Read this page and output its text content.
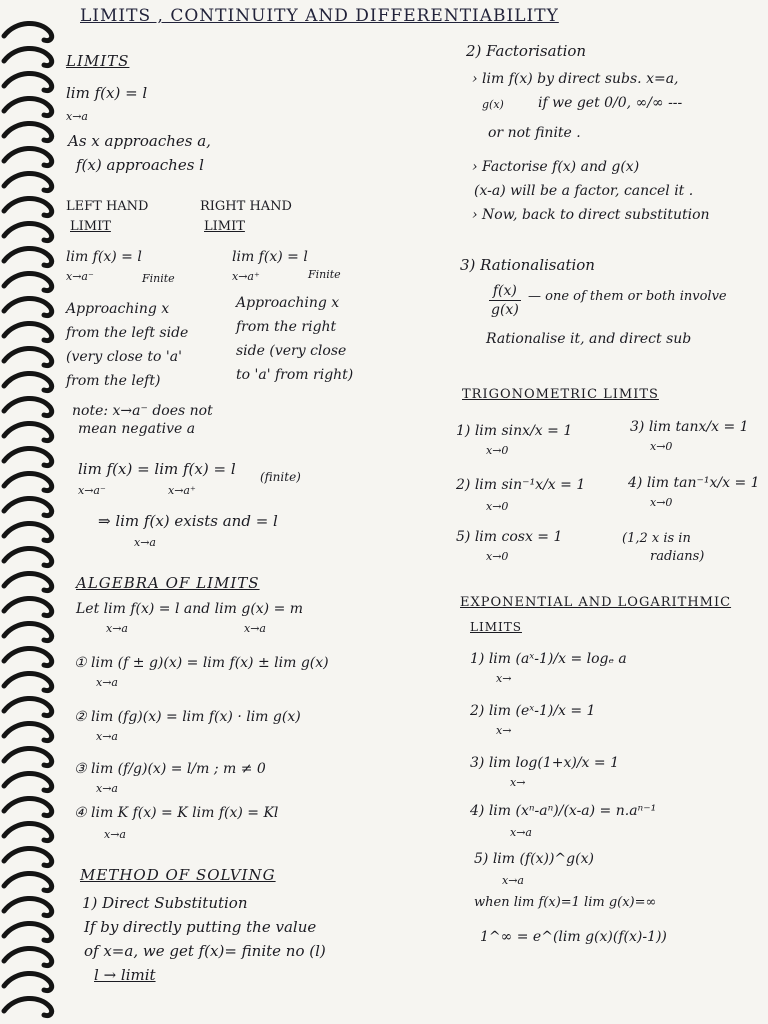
LIMITS , CONTINUITY AND DIFFERENTIABILITY
LIMITS
lim f(x) = l
x→a
As x approaches a,
f(x) approaches l
LEFT HAND
LIMIT
RIGHT HAND
LIMIT
lim f(x) = l
x→a⁻	Finite
lim f(x) = l
x→a⁺	Finite
Approaching x
from the left side
(very close to 'a'
from the left)
Approaching x
from the right
side (very close
to 'a' from right)
note: x→a⁻ does not
mean negative a
lim f(x) = lim f(x) = l
x→a⁻	x→a⁺
(finite)
⇒ lim f(x) exists and = l
x→a
ALGEBRA OF LIMITS
Let lim f(x) = l and lim g(x) = m
x→a	x→a
① lim (f ± g)(x) = lim f(x) ± lim g(x)
x→a
② lim (fg)(x) = lim f(x) · lim g(x)
x→a
③ lim (f/g)(x) = l/m ; m ≠ 0
x→a
④ lim K f(x) = K lim f(x) = Kl
x→a
METHOD OF SOLVING
1) Direct Substitution
If by directly putting the value
of x=a, we get f(x)= finite no (l)
l → limit
2) Factorisation
› lim f(x) by direct subs. x=a,
if we get 0/0, ∞/∞ ---
g(x)
or not finite .
› Factorise f(x) and g(x)
(x-a) will be a factor, cancel it .
› Now, back to direct substitution
3) Rationalisation
$\frac{f(x)}{g(x)}$ — one of them or both involve
Rationalise it, and direct sub
TRIGONOMETRIC LIMITS
1) lim sinx/x = 1	3) lim tanx/x = 1
x→0	x→0
2) lim sin⁻¹x/x = 1	4) lim tan⁻¹x/x = 1
x→0	x→0
5) lim cosx = 1
x→0
(1,2 x is in
radians)
EXPONENTIAL AND LOGARITHMIC
LIMITS
1) lim (aˣ-1)/x = logₑ a
x→
2) lim (eˣ-1)/x = 1
x→
3) lim log(1+x)/x = 1
x→
4) lim (xⁿ-aⁿ)/(x-a) = n.aⁿ⁻¹
x→a
5) lim (f(x))^g(x)
x→a
when lim f(x)=1 lim g(x)=∞
1^∞ = e^(lim g(x)(f(x)-1))
